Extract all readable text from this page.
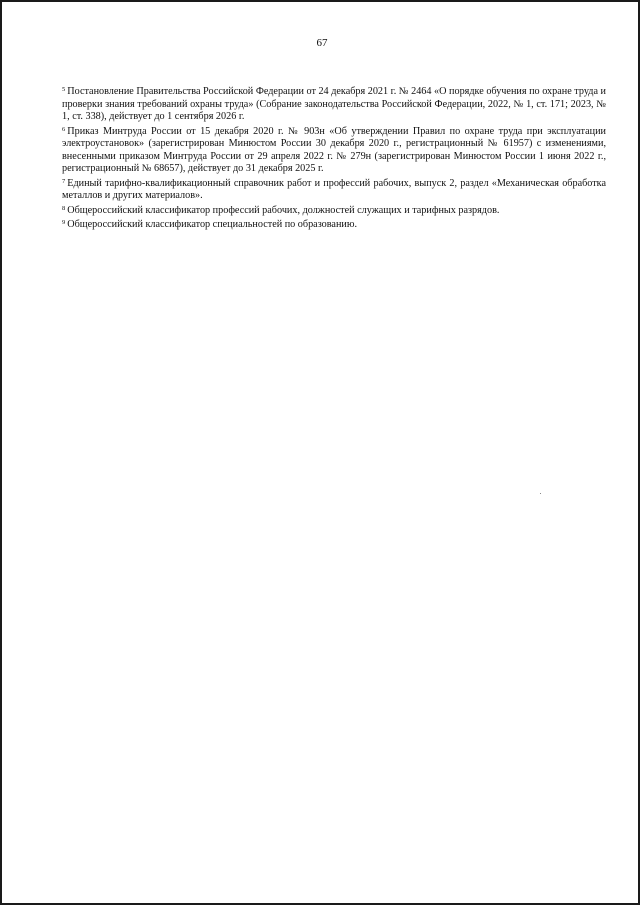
67

$^5$ Постановление Правительства Российской Федерации от 24 декабря 2021 г. № 2464 «О порядке обучения по охране труда и проверки знания требований охраны труда» (Собрание законодательства Российской Федерации, 2022, № 1, ст. 171; 2023, № 1, ст. 338), действует до 1 сентября 2026 г.

$^6$ Приказ Минтруда России от 15 декабря 2020 г. № 903н «Об утверждении Правил по охране труда при эксплуатации электроустановок» (зарегистрирован Минюстом России 30 декабря 2020 г., регистрационный № 61957) с изменениями, внесенными приказом Минтруда России от 29 апреля 2022 г. № 279н (зарегистрирован Минюстом России 1 июня 2022 г., регистрационный № 68657), действует до 31 декабря 2025 г.

$^7$ Единый тарифно-квалификационный справочник работ и профессий рабочих, выпуск 2, раздел «Механическая обработка металлов и других материалов».

$^8$ Общероссийский классификатор профессий рабочих, должностей служащих и тарифных разрядов.

$^9$ Общероссийский классификатор специальностей по образованию.
